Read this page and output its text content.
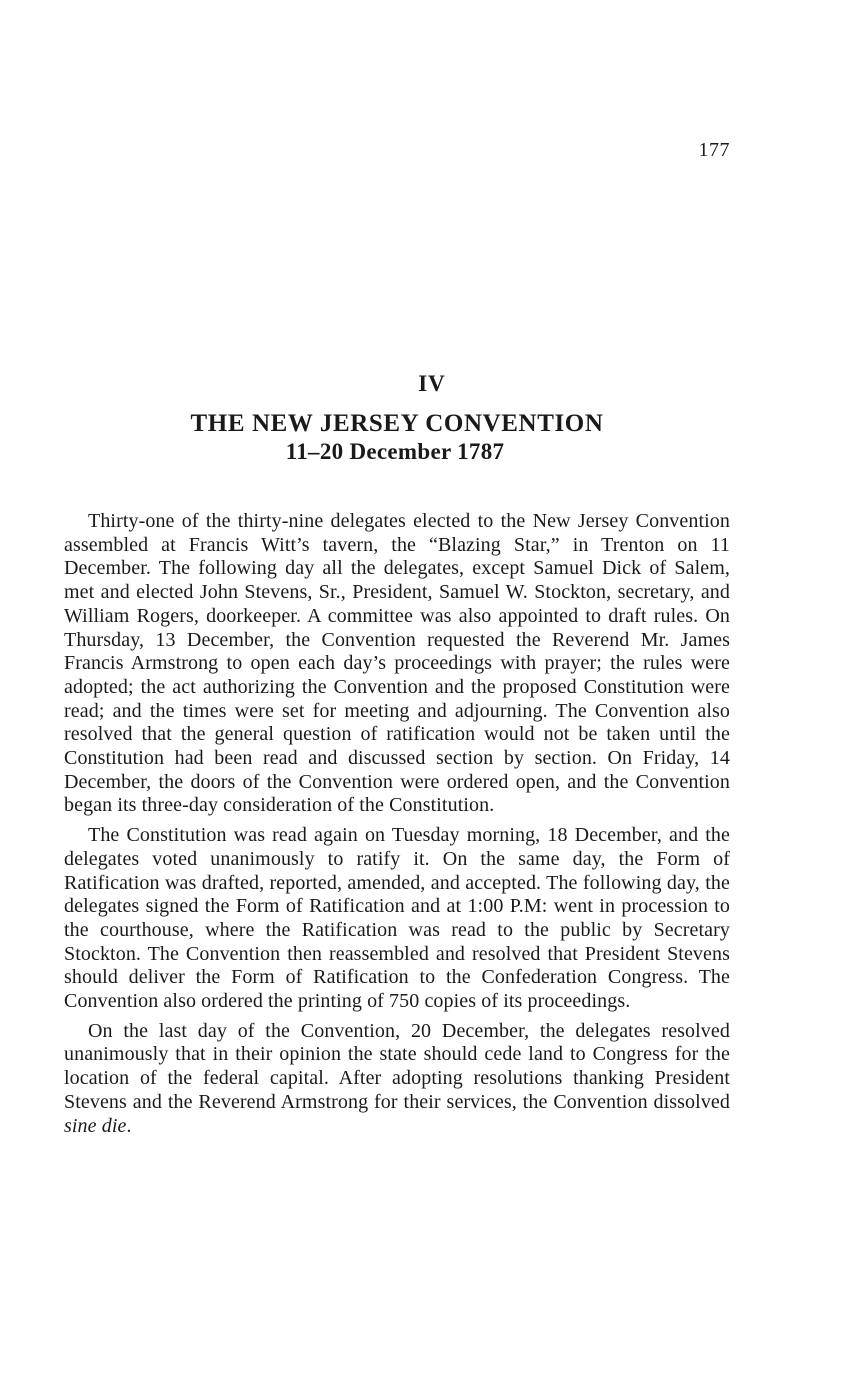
177
IV
THE NEW JERSEY CONVENTION
11–20 December 1787

Thirty-one of the thirty-nine delegates elected to the New Jersey Convention assembled at Francis Witt’s tavern, the “Blazing Star,” in Trenton on 11 December. The following day all the delegates, except Samuel Dick of Salem, met and elected John Stevens, Sr., President, Samuel W. Stockton, secretary, and William Rogers, doorkeeper. A committee was also appointed to draft rules. On Thursday, 13 December, the Convention requested the Reverend Mr. James Francis Armstrong to open each day’s proceedings with prayer; the rules were adopted; the act authorizing the Convention and the proposed Constitution were read; and the times were set for meeting and adjourning. The Convention also resolved that the general question of ratification would not be taken until the Constitution had been read and discussed section by section. On Friday, 14 December, the doors of the Convention were ordered open, and the Convention began its three-day consideration of the Constitution.

The Constitution was read again on Tuesday morning, 18 December, and the delegates voted unanimously to ratify it. On the same day, the Form of Ratification was drafted, reported, amended, and accepted. The following day, the delegates signed the Form of Ratification and at 1:00 P.M: went in procession to the courthouse, where the Ratification was read to the public by Secretary Stockton. The Convention then reassembled and resolved that President Stevens should deliver the Form of Ratification to the Confederation Congress. The Convention also ordered the printing of 750 copies of its proceedings.

On the last day of the Convention, 20 December, the delegates resolved unanimously that in their opinion the state should cede land to Congress for the location of the federal capital. After adopting resolutions thanking President Stevens and the Reverend Armstrong for their services, the Convention dissolved sine die.
